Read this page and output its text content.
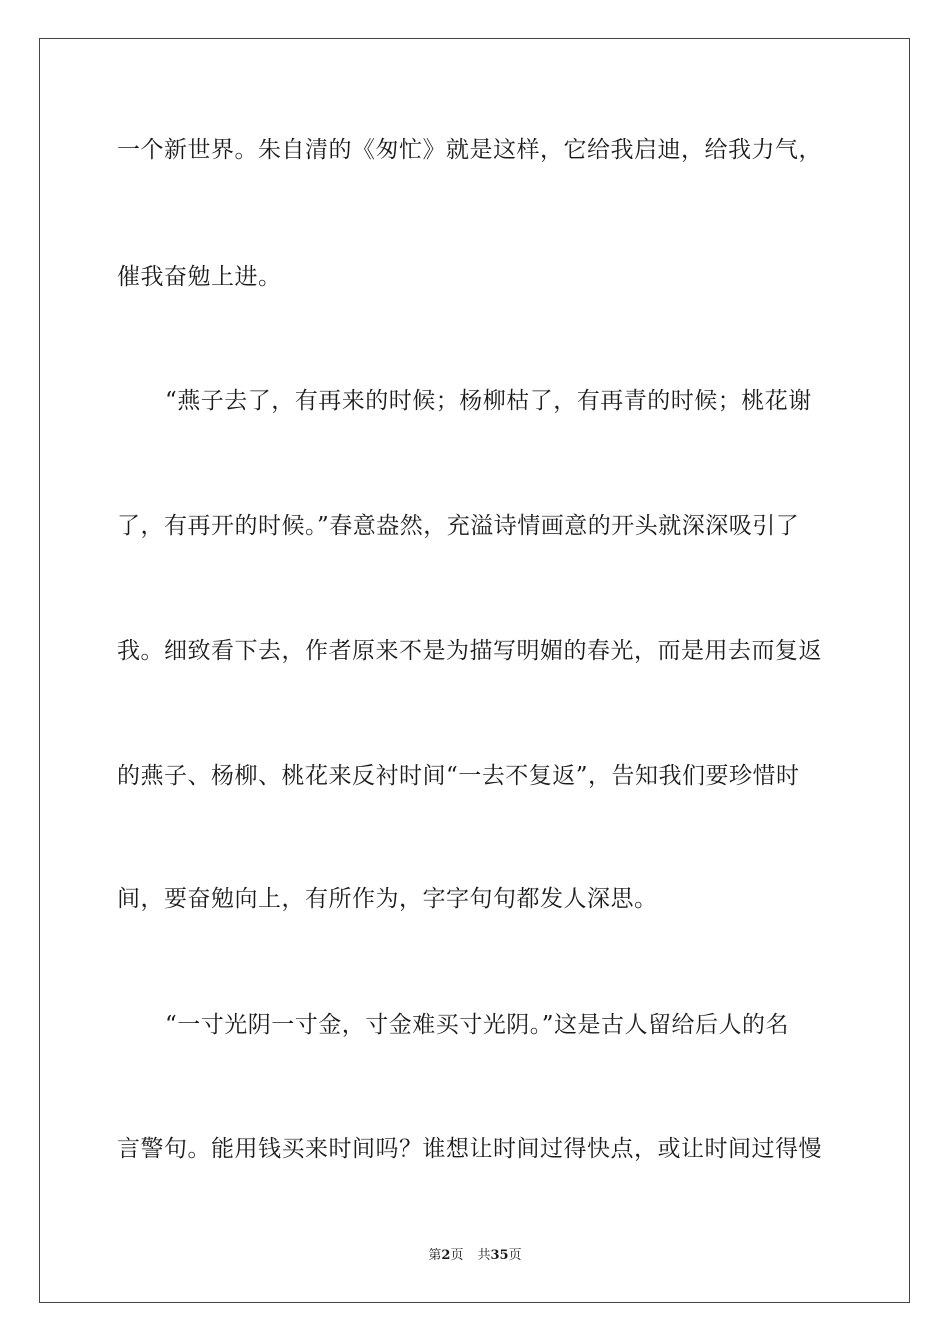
一个新世界。朱自清的《匆忙》就是这样，它给我启迪，给我力气，
催我奋勉上进。
“燕子去了，有再来的时候；杨柳枯了，有再青的时候；桃花谢
了，有再开的时候。”春意盎然，充溢诗情画意的开头就深深吸引了
我。细致看下去，作者原来不是为描写明媚的春光，而是用去而复返
的燕子、杨柳、桃花来反衬时间“一去不复返”，告知我们要珍惜时
间，要奋勉向上，有所作为，字字句句都发人深思。
“一寸光阴一寸金，寸金难买寸光阴。”这是古人留给后人的名
言警句。能用钱买来时间吗？谁想让时间过得快点，或让时间过得慢
第2页 共35页
